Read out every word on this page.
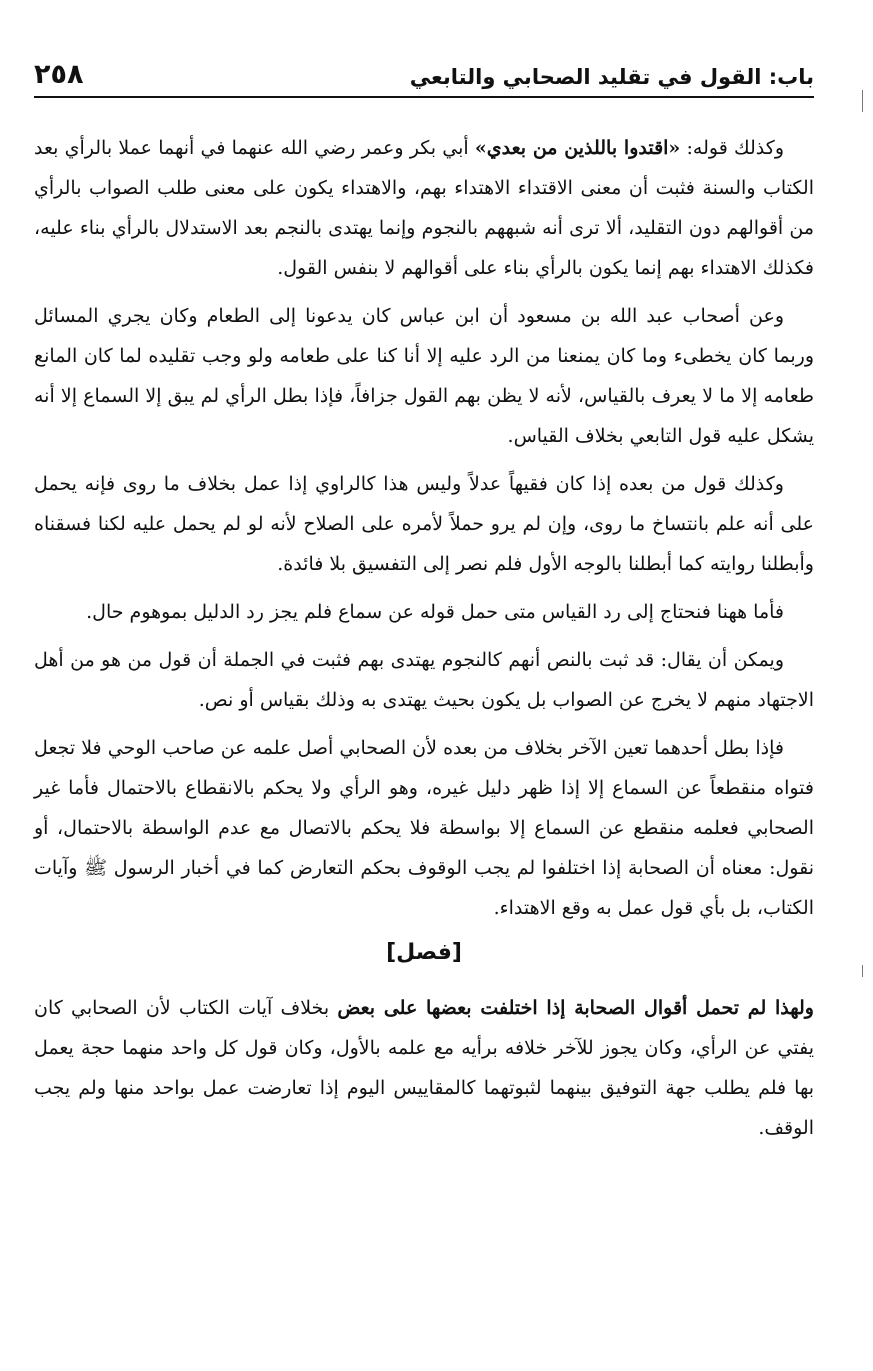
باب: القول في تقليد الصحابي والتابعي
٢٥٨

وكذلك قوله: «اقتدوا باللذين من بعدي» أبي بكر وعمر رضي الله عنهما في أنهما عملا بالرأي بعد الكتاب والسنة فثبت أن معنى الاقتداء الاهتداء بهم، والاهتداء يكون على معنى طلب الصواب بالرأي من أقوالهم دون التقليد، ألا ترى أنه شبههم بالنجوم وإنما يهتدى بالنجم بعد الاستدلال بالرأي بناء عليه، فكذلك الاهتداء بهم إنما يكون بالرأي بناء على أقوالهم لا بنفس القول.

وعن أصحاب عبد الله بن مسعود أن ابن عباس كان يدعونا إلى الطعام وكان يجري المسائل وربما كان يخطىء وما كان يمنعنا من الرد عليه إلا أنا كنا على طعامه ولو وجب تقليده لما كان المانع طعامه إلا ما لا يعرف بالقياس، لأنه لا يظن بهم القول جزافاً، فإذا بطل الرأي لم يبق إلا السماع إلا أنه يشكل عليه قول التابعي بخلاف القياس.

وكذلك قول من بعده إذا كان فقيهاً عدلاً وليس هذا كالراوي إذا عمل بخلاف ما روى فإنه يحمل على أنه علم بانتساخ ما روى، وإن لم يرو حملاً لأمره على الصلاح لأنه لو لم يحمل عليه لكنا فسقناه وأبطلنا روايته كما أبطلنا بالوجه الأول فلم نصر إلى التفسيق بلا فائدة.

فأما ههنا فنحتاج إلى رد القياس متى حمل قوله عن سماع فلم يجز رد الدليل بموهوم حال.

ويمكن أن يقال: قد ثبت بالنص أنهم كالنجوم يهتدى بهم فثبت في الجملة أن قول من هو من أهل الاجتهاد منهم لا يخرج عن الصواب بل يكون بحيث يهتدى به وذلك بقياس أو نص.

فإذا بطل أحدهما تعين الآخر بخلاف من بعده لأن الصحابي أصل علمه عن صاحب الوحي فلا تجعل فتواه منقطعاً عن السماع إلا إذا ظهر دليل غيره، وهو الرأي ولا يحكم بالانقطاع بالاحتمال فأما غير الصحابي فعلمه منقطع عن السماع إلا بواسطة فلا يحكم بالاتصال مع عدم الواسطة بالاحتمال، أو نقول: معناه أن الصحابة إذا اختلفوا لم يجب الوقوف بحكم التعارض كما في أخبار الرسول ﷺ وآيات الكتاب، بل بأي قول عمل به وقع الاهتداء.

[فصل]

ولهذا لم تحمل أقوال الصحابة إذا اختلفت بعضها على بعض بخلاف آيات الكتاب لأن الصحابي كان يفتي عن الرأي، وكان يجوز للآخر خلافه برأيه مع علمه بالأول، وكان قول كل واحد منهما حجة يعمل بها فلم يطلب جهة التوفيق بينهما لثبوتهما كالمقاييس اليوم إذا تعارضت عمل بواحد منها ولم يجب الوقف.
